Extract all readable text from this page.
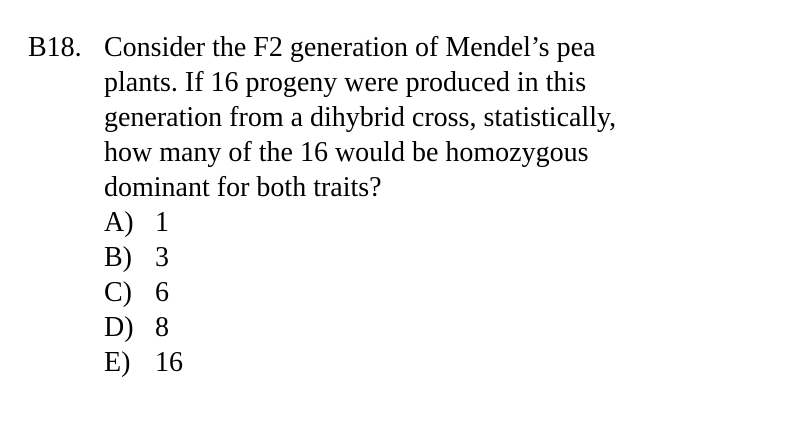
B18. Consider the F2 generation of Mendel’s pea
plants. If 16 progeny were produced in this
generation from a dihybrid cross, statistically,
how many of the 16 would be homozygous
dominant for both traits?
A) 1
B) 3
C) 6
D) 8
E) 16
